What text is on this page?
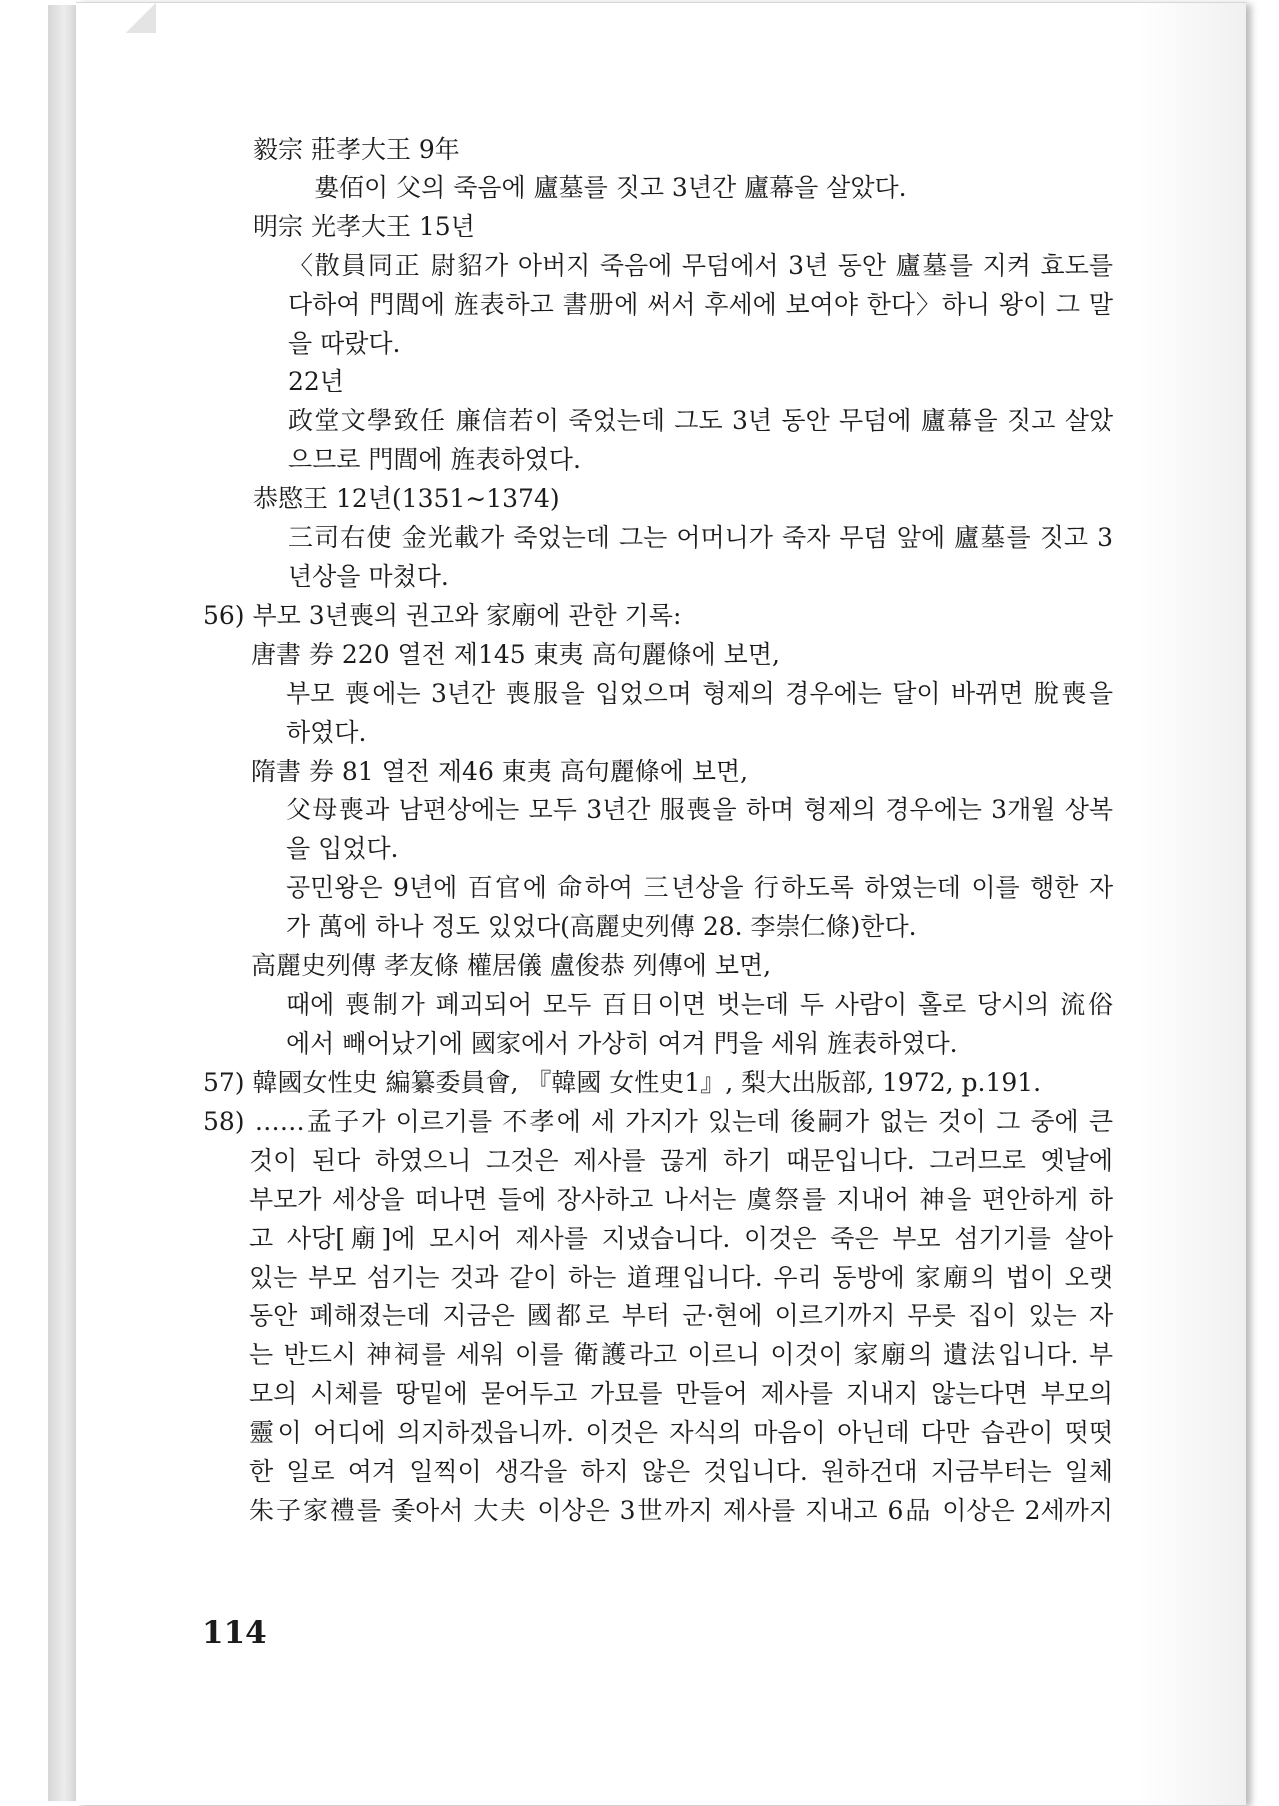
毅宗 莊孝大王 9年
婁佰이 父의 죽음에 廬墓를 짓고 3년간 廬幕을 살았다.
明宗 光孝大王 15년
〈散員同正 尉貂가 아버지 죽음에 무덤에서 3년 동안 廬墓를 지켜 효도를
다하여 門閭에 旌表하고 書册에 써서 후세에 보여야 한다〉하니 왕이 그 말
을 따랐다.
22년
政堂文學致任 廉信若이 죽었는데 그도 3년 동안 무덤에 廬幕을 짓고 살았
으므로 門閭에 旌表하였다.
恭愍王 12년(1351∼1374)
三司右使 金光載가 죽었는데 그는 어머니가 죽자 무덤 앞에 廬墓를 짓고 3
년상을 마쳤다.
56) 부모 3년喪의 권고와 家廟에 관한 기록:
唐書 券 220 열전 제145 東夷 高句麗條에 보면,
부모 喪에는 3년간 喪服을 입었으며 형제의 경우에는 달이 바뀌면 脫喪을
하였다.
隋書 券 81 열전 제46 東夷 高句麗條에 보면,
父母喪과 남편상에는 모두 3년간 服喪을 하며 형제의 경우에는 3개월 상복
을 입었다.
공민왕은 9년에 百官에 命하여 三년상을 行하도록 하였는데 이를 행한 자
가 萬에 하나 정도 있었다(高麗史列傳 28. 李崇仁條)한다.
高麗史列傳 孝友條 權居儀 盧俊恭 列傳에 보면,
때에 喪制가 폐괴되어 모두 百日이면 벗는데 두 사람이 홀로 당시의 流俗
에서 빼어났기에 國家에서 가상히 여겨 門을 세워 旌表하였다.
57) 韓國女性史 編纂委員會, 『韓國 女性史1』, 梨大出版部, 1972, p.191.
58) ……孟子가 이르기를 不孝에 세 가지가 있는데 後嗣가 없는 것이 그 중에 큰
것이 된다 하였으니 그것은 제사를 끊게 하기 때문입니다. 그러므로 옛날에
부모가 세상을 떠나면 들에 장사하고 나서는 虞祭를 지내어 神을 편안하게 하
고 사당[廟]에 모시어 제사를 지냈습니다. 이것은 죽은 부모 섬기기를 살아
있는 부모 섬기는 것과 같이 하는 道理입니다. 우리 동방에 家廟의 법이 오랫
동안 폐해졌는데 지금은 國都로 부터 군·현에 이르기까지 무릇 집이 있는 자
는 반드시 神祠를 세워 이를 衛護라고 이르니 이것이 家廟의 遺法입니다. 부
모의 시체를 땅밑에 묻어두고 가묘를 만들어 제사를 지내지 않는다면 부모의
靈이 어디에 의지하겠읍니까. 이것은 자식의 마음이 아닌데 다만 습관이 떳떳
한 일로 여겨 일찍이 생각을 하지 않은 것입니다. 원하건대 지금부터는 일체
朱子家禮를 좇아서 大夫 이상은 3世까지 제사를 지내고 6品 이상은 2세까지
114
